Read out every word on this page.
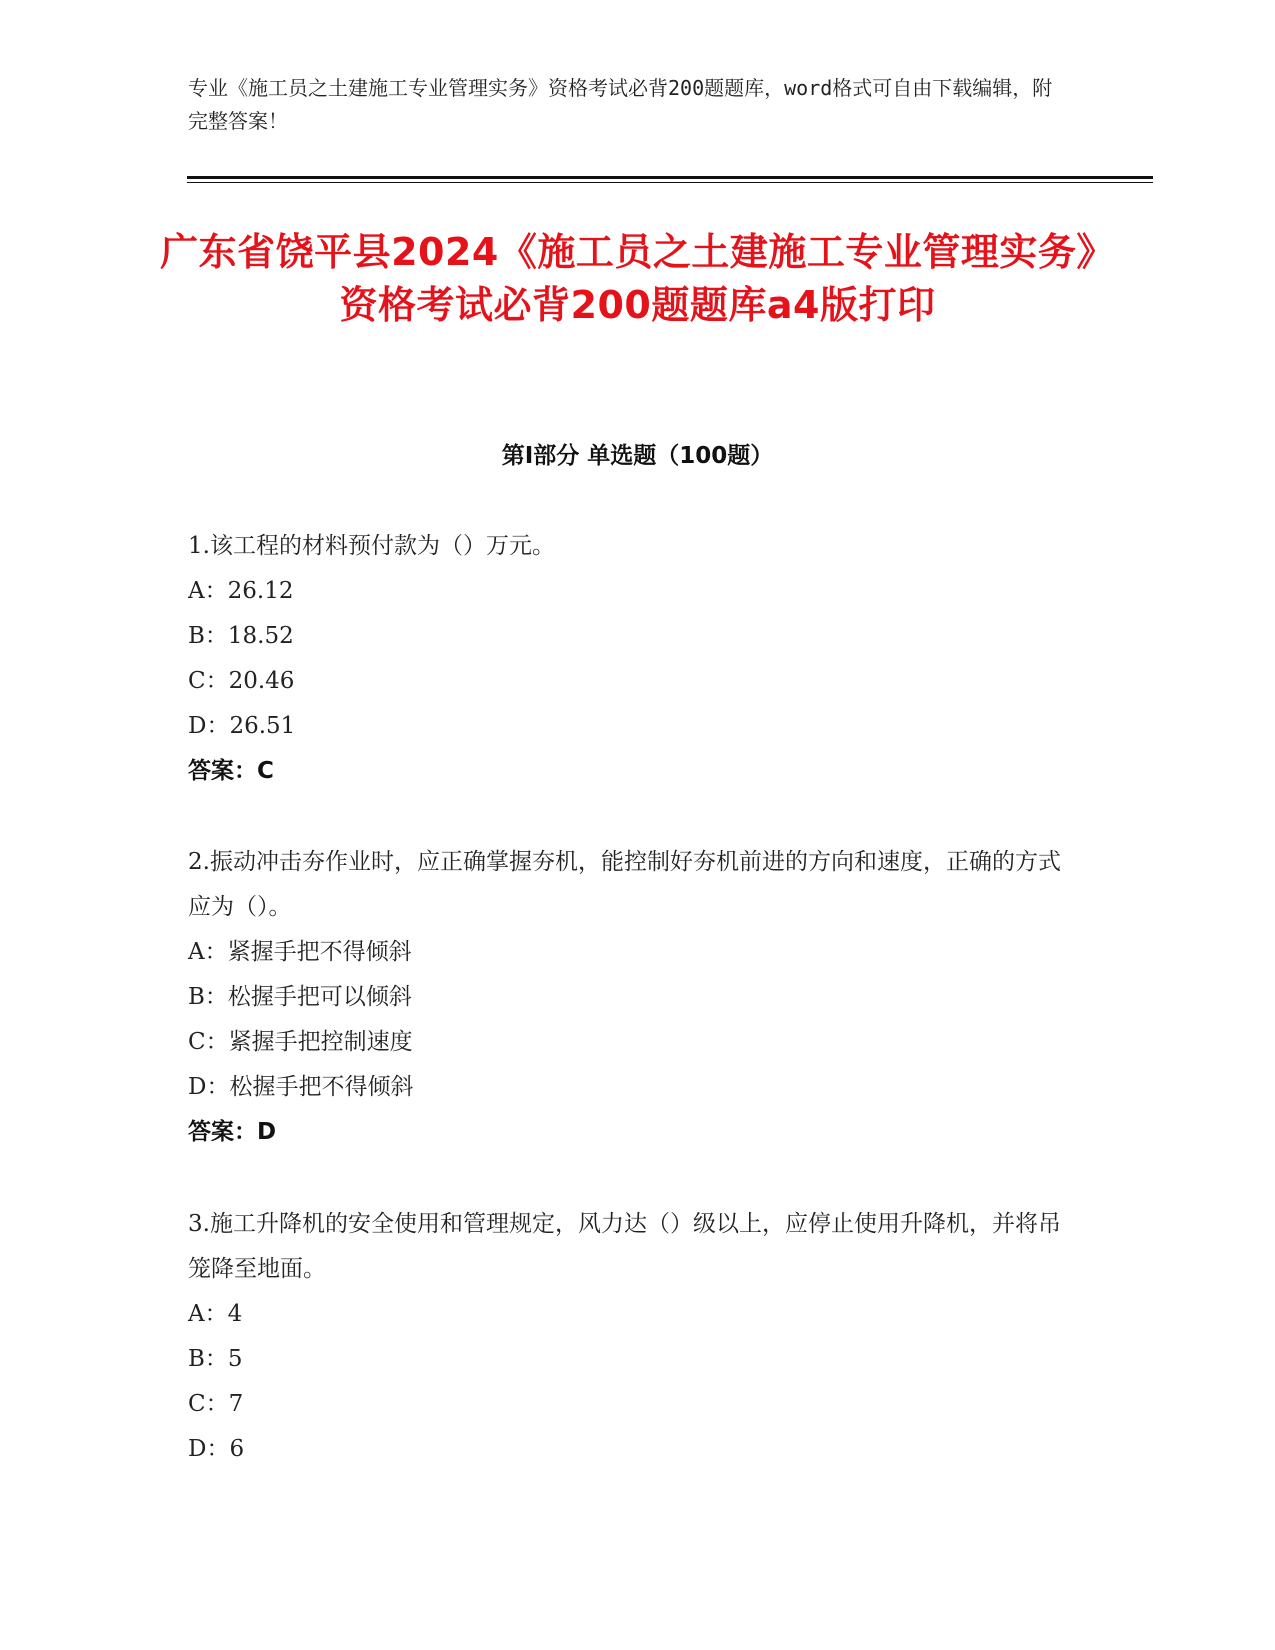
专业《施工员之土建施工专业管理实务》资格考试必背200题题库，word格式可自由下载编辑，附完整答案！
广东省饶平县2024《施工员之土建施工专业管理实务》资格考试必背200题题库a4版打印
第I部分 单选题（100题）

1.该工程的材料预付款为（）万元。

A：26.12

B：18.52

C：20.46

D：26.51

答案：C

2.振动冲击夯作业时，应正确掌握夯机，能控制好夯机前进的方向和速度，正确的方式应为（）。

A：紧握手把不得倾斜

B：松握手把可以倾斜

C：紧握手把控制速度

D：松握手把不得倾斜

答案：D

3.施工升降机的安全使用和管理规定，风力达（）级以上，应停止使用升降机，并将吊笼降至地面。

A：4

B：5

C：7

D：6
